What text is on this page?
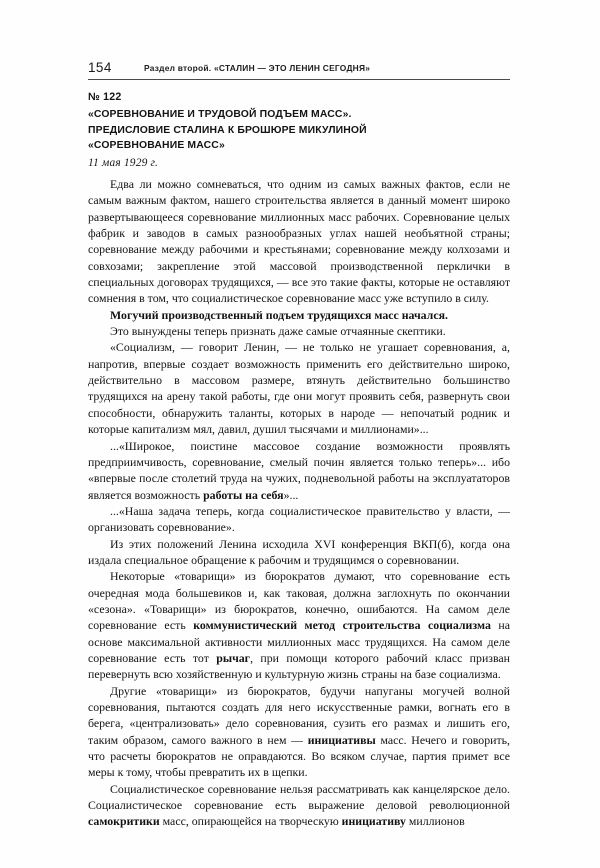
154	Раздел второй. «СТАЛИН — ЭТО ЛЕНИН СЕГОДНЯ»
№ 122
«СОРЕВНОВАНИЕ И ТРУДОВОЙ ПОДЪЕМ МАСС».
ПРЕДИСЛОВИЕ СТАЛИНА К БРОШЮРЕ МИКУЛИНОЙ
«СОРЕВНОВАНИЕ МАСС»
11 мая 1929 г.

Едва ли можно сомневаться, что одним из самых важных фактов, если не самым важным фактом, нашего строительства является в данный момент широко развертывающееся соревнование миллионных масс рабочих. Соревнование целых фабрик и заводов в самых разнообразных углах нашей необъятной страны; соревнование между рабочими и крестьянами; соревнование между колхозами и совхозами; закрепление этой массовой производственной перклички в специальных договорах трудящихся, — все это такие факты, которые не оставляют сомнения в том, что социалистическое соревнование масс уже вступило в силу.

Могучий производственный подъем трудящихся масс начался.

Это вынуждены теперь признать даже самые отчаянные скептики.

«Социализм, — говорит Ленин, — не только не угашает соревнования, а, напротив, впервые создает возможность применить его действительно широко, действительно в массовом размере, втянуть действительно большинство трудящихся на арену такой работы, где они могут проявить себя, развернуть свои способности, обнаружить таланты, которых в народе — непочатый родник и которые капитализм мял, давил, душил тысячами и миллионами»...

...«Широкое, поистине массовое создание возможности проявлять предприимчивость, соревнование, смелый почин является только теперь»... ибо «впервые после столетий труда на чужих, подневольной работы на эксплуататоров является возможность работы на себя»...

...«Наша задача теперь, когда социалистическое правительство у власти, — организовать соревнование».

Из этих положений Ленина исходила XVI конференция ВКП(б), когда она издала специальное обращение к рабочим и трудящимся о соревновании.

Некоторые «товарищи» из бюрократов думают, что соревнование есть очередная мода большевиков и, как таковая, должна заглохнуть по окончании «сезона». «Товарищи» из бюрократов, конечно, ошибаются. На самом деле соревнование есть коммунистический метод строительства социализма на основе максимальной активности миллионных масс трудящихся. На самом деле соревнование есть тот рычаг, при помощи которого рабочий класс призван перевернуть всю хозяйственную и культурную жизнь страны на базе социализма.

Другие «товарищи» из бюрократов, будучи напуганы могучей волной соревнования, пытаются создать для него искусственные рамки, вогнать его в берега, «централизовать» дело соревнования, сузить его размах и лишить его, таким образом, самого важного в нем — инициативы масс. Нечего и говорить, что расчеты бюрократов не оправдаются. Во всяком случае, партия примет все меры к тому, чтобы превратить их в щепки.

Социалистическое соревнование нельзя рассматривать как канцелярское дело. Социалистическое соревнование есть выражение деловой революционной самокритики масс, опирающейся на творческую инициативу миллионов
